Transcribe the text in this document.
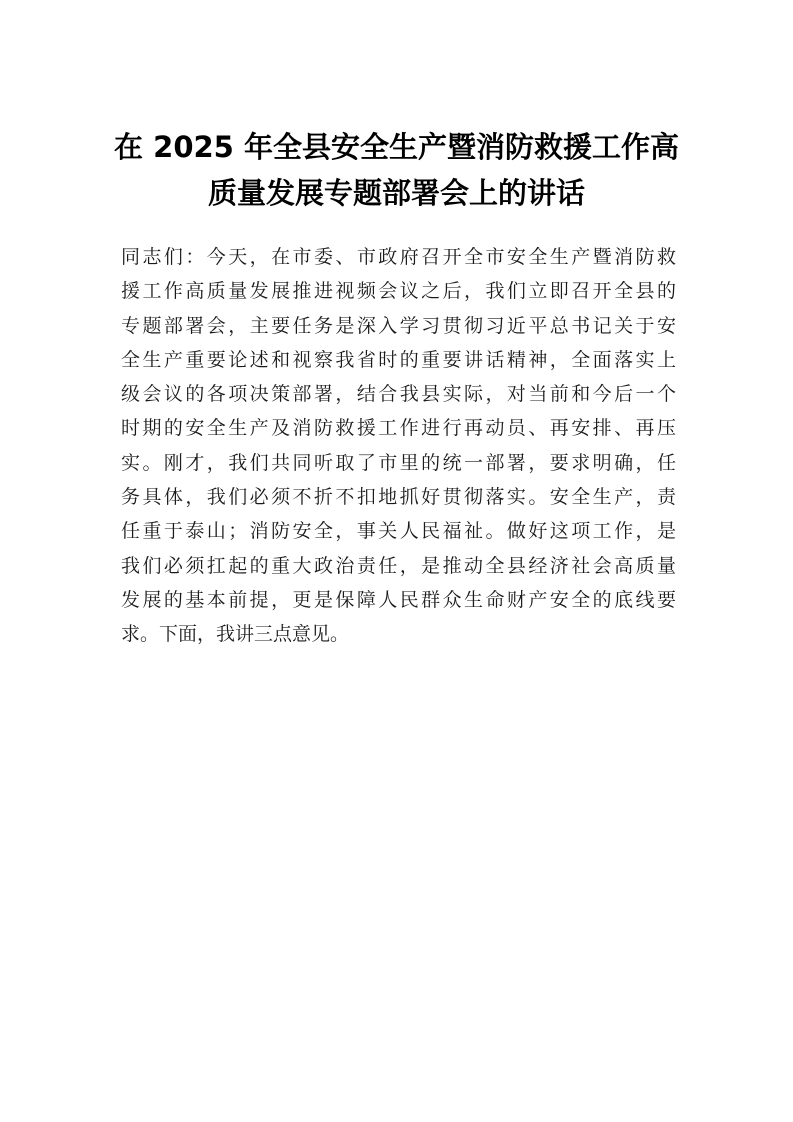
在 2025 年全县安全生产暨消防救援工作高
质量发展专题部署会上的讲话
同志们：今天，在市委、市政府召开全市安全生产暨消防救
援工作高质量发展推进视频会议之后，我们立即召开全县的
专题部署会，主要任务是深入学习贯彻习近平总书记关于安
全生产重要论述和视察我省时的重要讲话精神，全面落实上
级会议的各项决策部署，结合我县实际，对当前和今后一个
时期的安全生产及消防救援工作进行再动员、再安排、再压
实。刚才，我们共同听取了市里的统一部署，要求明确，任
务具体，我们必须不折不扣地抓好贯彻落实。安全生产，责
任重于泰山；消防安全，事关人民福祉。做好这项工作，是
我们必须扛起的重大政治责任，是推动全县经济社会高质量
发展的基本前提，更是保障人民群众生命财产安全的底线要
求。下面，我讲三点意见。
